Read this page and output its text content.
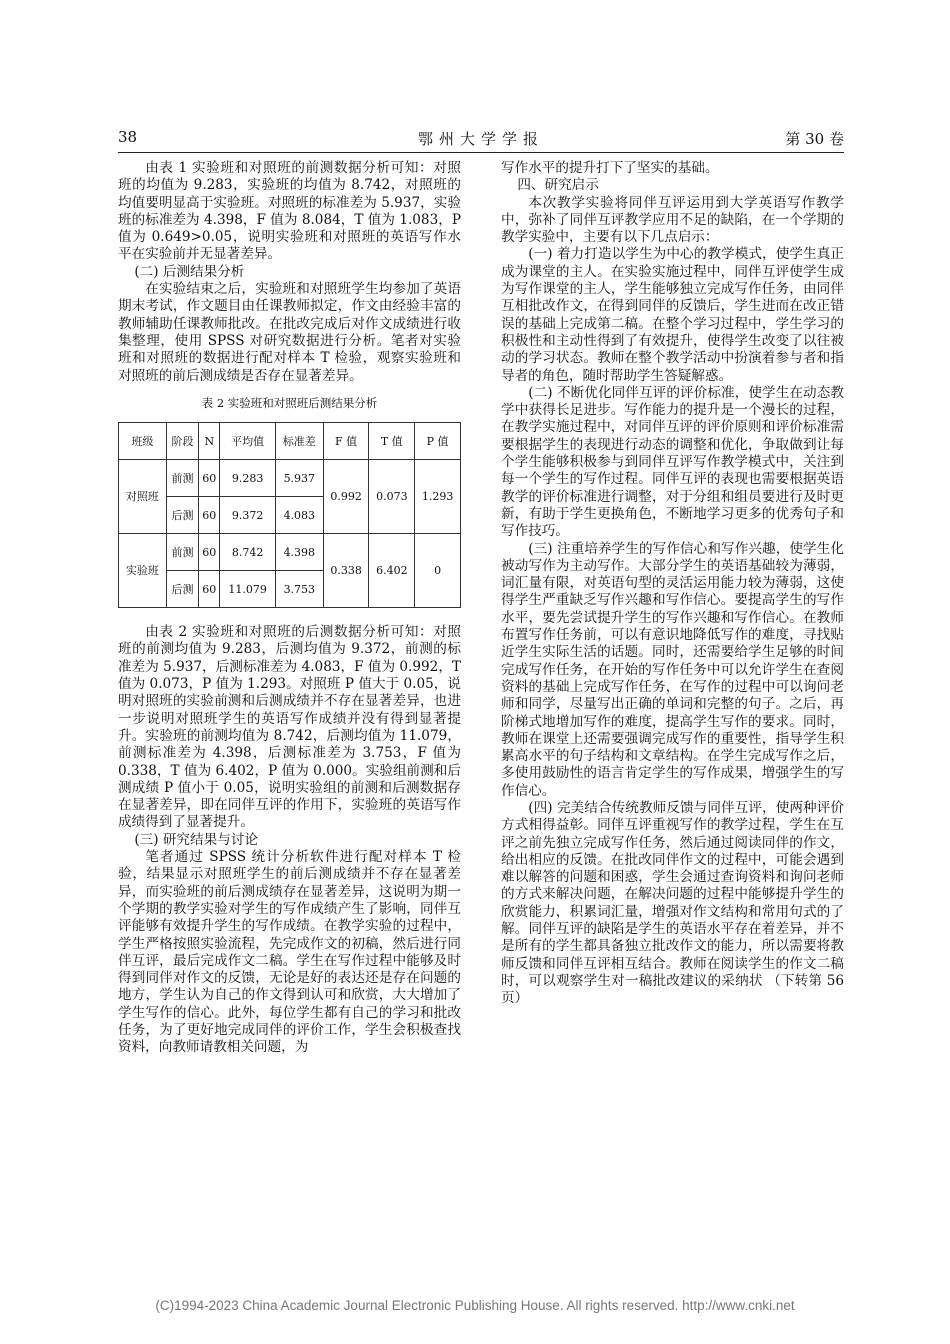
38	鄂州大学学报	第 30 卷

由表 1 实验班和对照班的前测数据分析可知：对照班的均值为 9.283，实验班的均值为 8.742，对照班的均值要明显高于实验班。对照班的标准差为 5.937，实验班的标准差为 4.398，F 值为 8.084，T 值为 1.083，P 值为 0.649>0.05，说明实验班和对照班的英语写作水平在实验前并无显著差异。

(二) 后测结果分析

在实验结束之后，实验班和对照班学生均参加了英语期末考试，作文题目由任课教师拟定，作文由经验丰富的教师辅助任课教师批改。在批改完成后对作文成绩进行收集整理，使用 SPSS 对研究数据进行分析。笔者对实验班和对照班的数据进行配对样本 T 检验，观察实验班和对照班的前后测成绩是否存在显著差异。

表 2 实验班和对照班后测结果分析

班级	阶段	N	平均值	标准差	F 值	T 值	P 值
对照班	前测	60	9.283	5.937	0.992	0.073	1.293
	后测	60	9.372	4.083			
实验班	前测	60	8.742	4.398	0.338	6.402	0
	后测	60	11.079	3.753			

由表 2 实验班和对照班的后测数据分析可知：对照班的前测均值为 9.283，后测均值为 9.372，前测的标准差为 5.937，后测标准差为 4.083，F 值为 0.992，T 值为 0.073，P 值为 1.293。对照班 P 值大于 0.05，说明对照班的实验前测和后测成绩并不存在显著差异，也进一步说明对照班学生的英语写作成绩并没有得到显著提升。实验班的前测均值为 8.742，后测均值为 11.079，前测标准差为 4.398，后测标准差为 3.753，F 值为 0.338，T 值为 6.402，P 值为 0.000。实验组前测和后测成绩 P 值小于 0.05，说明实验组的前测和后测数据存在显著差异，即在同伴互评的作用下，实验班的英语写作成绩得到了显著提升。

(三) 研究结果与讨论

笔者通过 SPSS 统计分析软件进行配对样本 T 检验，结果显示对照班学生的前后测成绩并不存在显著差异，而实验班的前后测成绩存在显著差异，这说明为期一个学期的教学实验对学生的写作成绩产生了影响，同伴互评能够有效提升学生的写作成绩。在教学实验的过程中，学生严格按照实验流程，先完成作文的初稿，然后进行同伴互评，最后完成作文二稿。学生在写作过程中能够及时得到同伴对作文的反馈，无论是好的表达还是存在问题的地方，学生认为自己的作文得到认可和欣赏，大大增加了学生写作的信心。此外，每位学生都有自己的学习和批改任务，为了更好地完成同伴的评价工作，学生会积极查找资料，向教师请教相关问题，为

写作水平的提升打下了坚实的基础。

四、研究启示

本次教学实验将同伴互评运用到大学英语写作教学中，弥补了同伴互评教学应用不足的缺陷，在一个学期的教学实验中，主要有以下几点启示：

(一) 着力打造以学生为中心的教学模式，使学生真正成为课堂的主人。在实验实施过程中，同伴互评使学生成为写作课堂的主人，学生能够独立完成写作任务，由同伴互相批改作文，在得到同伴的反馈后，学生进而在改正错误的基础上完成第二稿。在整个学习过程中，学生学习的积极性和主动性得到了有效提升，使得学生改变了以往被动的学习状态。教师在整个教学活动中扮演着参与者和指导者的角色，随时帮助学生答疑解惑。

(二) 不断优化同伴互评的评价标准，使学生在动态教学中获得长足进步。写作能力的提升是一个漫长的过程，在教学实施过程中，对同伴互评的评价原则和评价标准需要根据学生的表现进行动态的调整和优化，争取做到让每个学生能够积极参与到同伴互评写作教学模式中，关注到每一个学生的写作过程。同伴互评的表现也需要根据英语教学的评价标准进行调整，对于分组和组员要进行及时更新，有助于学生更换角色，不断地学习更多的优秀句子和写作技巧。

(三) 注重培养学生的写作信心和写作兴趣，使学生化被动写作为主动写作。大部分学生的英语基础较为薄弱，词汇量有限，对英语句型的灵活运用能力较为薄弱，这使得学生严重缺乏写作兴趣和写作信心。要提高学生的写作水平，要先尝试提升学生的写作兴趣和写作信心。在教师布置写作任务前，可以有意识地降低写作的难度，寻找贴近学生实际生活的话题。同时，还需要给学生足够的时间完成写作任务，在开始的写作任务中可以允许学生在查阅资料的基础上完成写作任务，在写作的过程中可以询问老师和同学，尽量写出正确的单词和完整的句子。之后，再阶梯式地增加写作的难度，提高学生写作的要求。同时，教师在课堂上还需要强调完成写作的重要性，指导学生积累高水平的句子结构和文章结构。在学生完成写作之后，多使用鼓励性的语言肯定学生的写作成果，增强学生的写作信心。

(四) 完美结合传统教师反馈与同伴互评，使两种评价方式相得益彰。同伴互评重视写作的教学过程，学生在互评之前先独立完成写作任务，然后通过阅读同伴的作文，给出相应的反馈。在批改同伴作文的过程中，可能会遇到难以解答的问题和困惑，学生会通过查询资料和询问老师的方式来解决问题，在解决问题的过程中能够提升学生的欣赏能力，积累词汇量，增强对作文结构和常用句式的了解。同伴互评的缺陷是学生的英语水平存在着差异，并不是所有的学生都具备独立批改作文的能力，所以需要将教师反馈和同伴互评相互结合。教师在阅读学生的作文二稿时，可以观察学生对一稿批改建议的采纳状 （下转第 56 页）

(C)1994-2023 China Academic Journal Electronic Publishing House. All rights reserved. http://www.cnki.net
